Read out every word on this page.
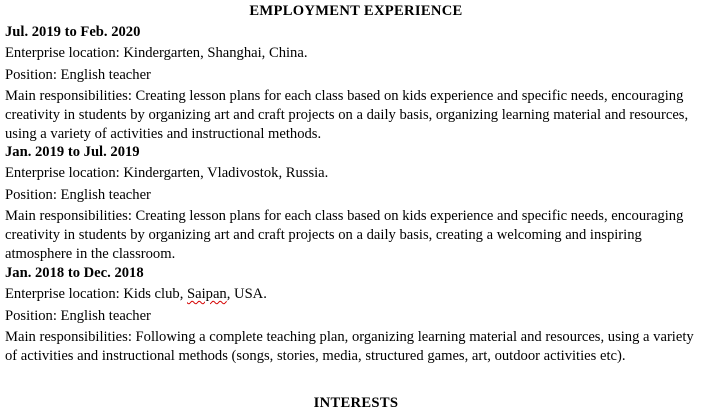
EMPLOYMENT EXPERIENCE
Jul. 2019 to Feb. 2020
Enterprise location: Kindergarten, Shanghai, China.
Position: English teacher
Main responsibilities: Creating lesson plans for each class based on kids experience and specific needs, encouraging creativity in students by organizing art and craft projects on a daily basis, organizing learning material and resources, using a variety of activities and instructional methods.
Jan. 2019 to Jul. 2019
Enterprise location: Kindergarten, Vladivostok, Russia.
Position: English teacher
Main responsibilities: Creating lesson plans for each class based on kids experience and specific needs, encouraging creativity in students by organizing art and craft projects on a daily basis, creating a welcoming and inspiring atmosphere in the classroom.
Jan. 2018 to Dec. 2018
Enterprise location: Kids club, Saipan, USA.
Position: English teacher
Main responsibilities: Following a complete teaching plan, organizing learning material and resources, using a variety of activities and instructional methods (songs, stories, media, structured games, art, outdoor activities etc).
INTERESTS
